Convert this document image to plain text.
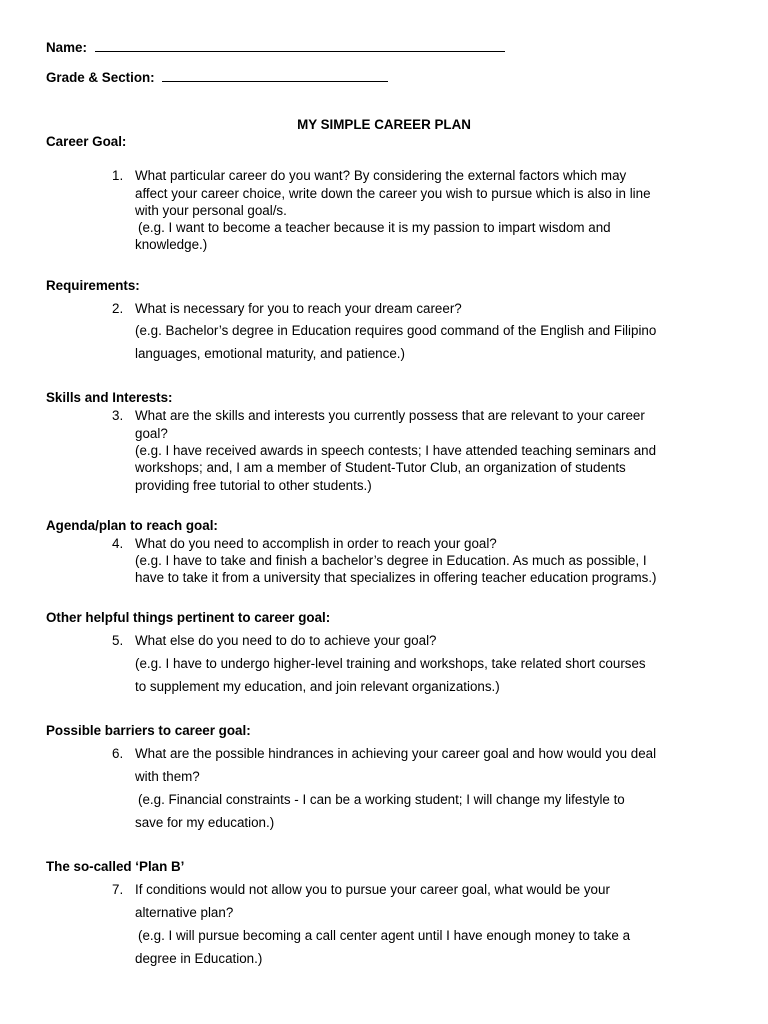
Name:
Grade & Section:
MY SIMPLE CAREER PLAN
Career Goal:
1. What particular career do you want? By considering the external factors which may
affect your career choice, write down the career you wish to pursue which is also in line
with your personal goal/s.
(e.g. I want to become a teacher because it is my passion to impart wisdom and
knowledge.)
Requirements:
2. What is necessary for you to reach your dream career?
(e.g. Bachelor’s degree in Education requires good command of the English and Filipino
languages, emotional maturity, and patience.)
Skills and Interests:
3. What are the skills and interests you currently possess that are relevant to your career
goal?
(e.g. I have received awards in speech contests; I have attended teaching seminars and
workshops; and, I am a member of Student-Tutor Club, an organization of students
providing free tutorial to other students.)
Agenda/plan to reach goal:
4. What do you need to accomplish in order to reach your goal?
(e.g. I have to take and finish a bachelor’s degree in Education. As much as possible, I
have to take it from a university that specializes in offering teacher education programs.)
Other helpful things pertinent to career goal:
5. What else do you need to do to achieve your goal?
(e.g. I have to undergo higher-level training and workshops, take related short courses
to supplement my education, and join relevant organizations.)
Possible barriers to career goal:
6. What are the possible hindrances in achieving your career goal and how would you deal
with them?
(e.g. Financial constraints - I can be a working student; I will change my lifestyle to
save for my education.)
The so-called ‘Plan B’
7. If conditions would not allow you to pursue your career goal, what would be your
alternative plan?
(e.g. I will pursue becoming a call center agent until I have enough money to take a
degree in Education.)
